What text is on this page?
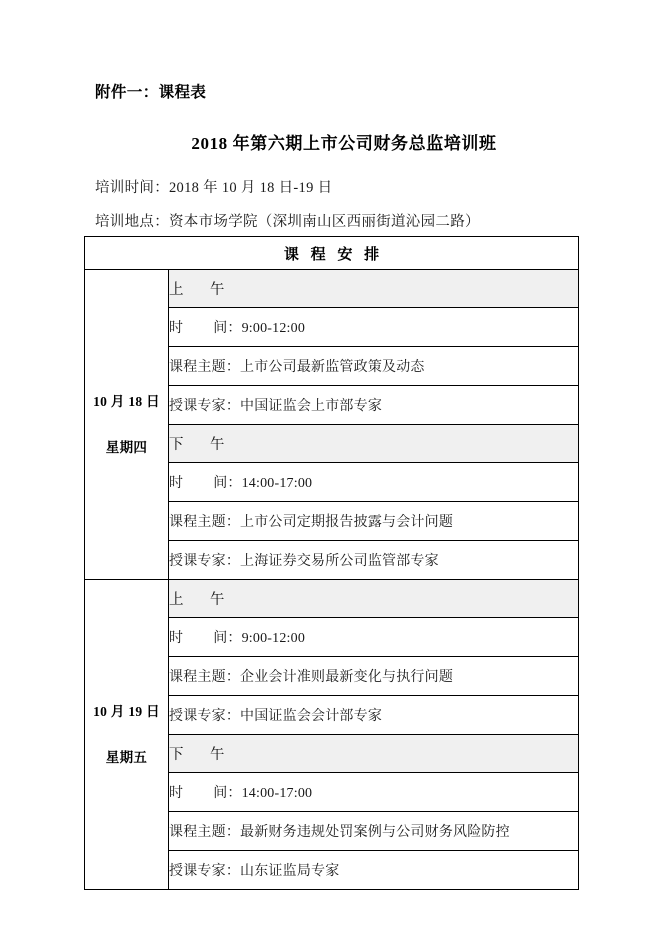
附件一：课程表
2018 年第六期上市公司财务总监培训班
培训时间：2018 年 10 月 18 日-19 日
培训地点：资本市场学院（深圳南山区西丽街道沁园二路）
课 程 安 排	

10 月 18 日
星期四	上 午
	时 间：9:00-12:00
	课程主题：上市公司最新监管政策及动态
	授课专家：中国证监会上市部专家
	下 午
	时 间：14:00-17:00
	课程主题：上市公司定期报告披露与会计问题
	授课专家：上海证券交易所公司监管部专家

10 月 19 日
星期五	上 午
	时 间：9:00-12:00
	课程主题：企业会计准则最新变化与执行问题
	授课专家：中国证监会会计部专家
	下 午
	时 间：14:00-17:00
	课程主题：最新财务违规处罚案例与公司财务风险防控
	授课专家：山东证监局专家
